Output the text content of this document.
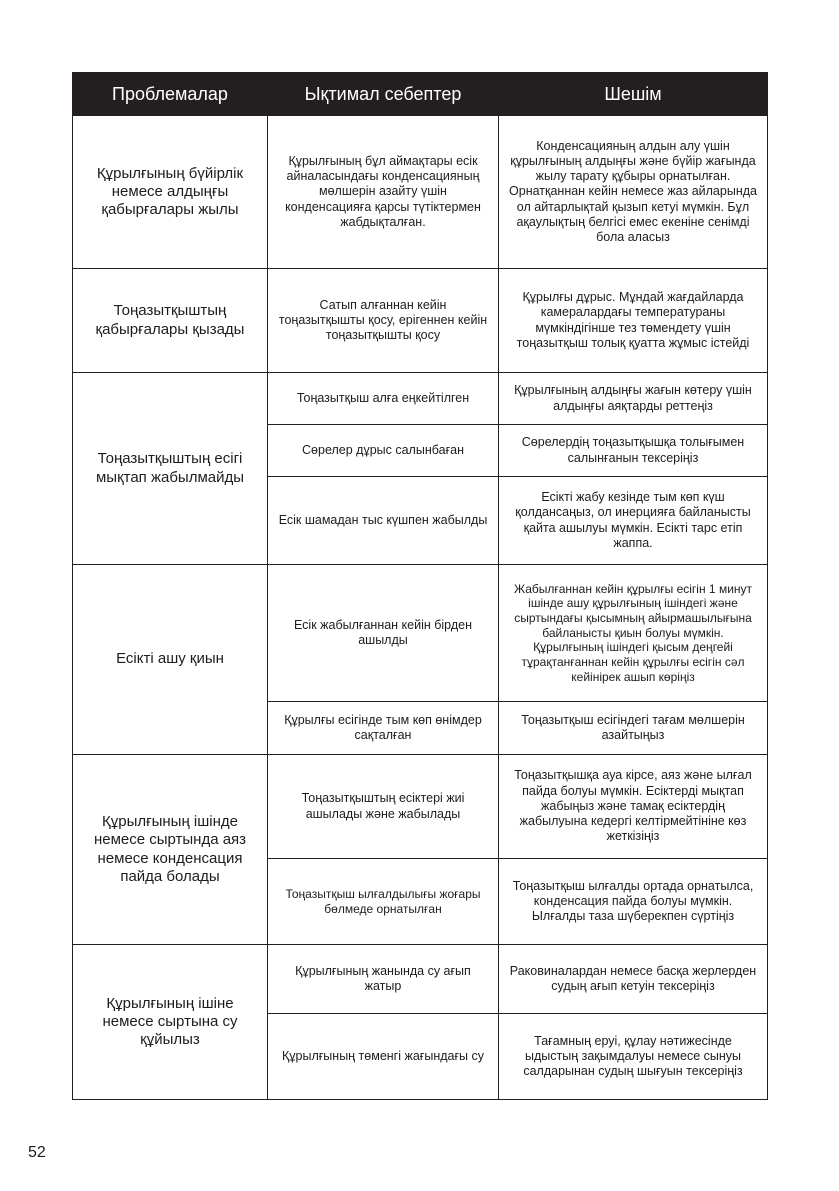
Проблемалар	Ықтимал себептер	Шешім
Құрылғының бүйірлік немесе алдыңғы қабырғалары жылы	Құрылғының бұл аймақтары есік айналасындағы конденсацияның мөлшерін азайту үшін конденсацияға қарсы түтіктермен жабдықталған.	Конденсацияның алдын алу үшін құрылғының алдыңғы және бүйір жағында жылу тарату құбыры орнатылған. Орнатқаннан кейін немесе жаз айларында ол айтарлықтай қызып кетуі мүмкін. Бұл ақаулықтың белгісі емес екеніне сенімді бола аласыз
Тоңазытқыштың қабырғалары қызады	Сатып алғаннан кейін тоңазытқышты қосу, ерігеннен кейін тоңазытқышты қосу	Құрылғы дұрыс. Мұндай жағдайларда камералардағы температураны мүмкіндігінше тез төмендету үшін тоңазытқыш толық қуатта жұмыс істейді
Тоңазытқыштың есігі мықтап жабылмайды	Тоңазытқыш алға еңкейтілген	Құрылғының алдыңғы жағын көтеру үшін алдыңғы аяқтарды реттеңіз
	Сөрелер дұрыс салынбаған	Сөрелердің тоңазытқышқа толығымен салынғанын тексеріңіз
	Есік шамадан тыс күшпен жабылды	Есікті жабу кезінде тым көп күш қолдансаңыз, ол инерцияға байланысты қайта ашылуы мүмкін. Есікті тарс етіп жаппа.
Есікті ашу қиын	Есік жабылғаннан кейін бірден ашылды	Жабылғаннан кейін құрылғы есігін 1 минут ішінде ашу құрылғының ішіндегі және сыртындағы қысымның айырмашылығына байланысты қиын болуы мүмкін. Құрылғының ішіндегі қысым деңгейі тұрақтанғаннан кейін құрылғы есігін сәл кейінірек ашып көріңіз
	Құрылғы есігінде тым көп өнімдер сақталған	Тоңазытқыш есігіндегі тағам мөлшерін азайтыңыз
Құрылғының ішінде немесе сыртында аяз немесе конденсация пайда болады	Тоңазытқыштың есіктері жиі ашылады және жабылады	Тоңазытқышқа ауа кірсе, аяз және ылғал пайда болуы мүмкін. Есіктерді мықтап жабыңыз және тамақ есіктердің жабылуына кедергі келтірмейтініне көз жеткізіңіз
	Тоңазытқыш ылғалдылығы жоғары бөлмеде орнатылған	Тоңазытқыш ылғалды ортада орнатылса, конденсация пайда болуы мүмкін. Ылғалды таза шүберекпен сүртіңіз
Құрылғының ішіне немесе сыртына су құйылыз	Құрылғының жанында су ағып жатыр	Раковиналардан немесе басқа жерлерден судың ағып кетуін тексеріңіз
	Құрылғының төменгі жағындағы су	Тағамның еруі, құлау нәтижесінде ыдыстың зақымдалуы немесе сынуы салдарынан судың шығуын тексеріңіз
52
